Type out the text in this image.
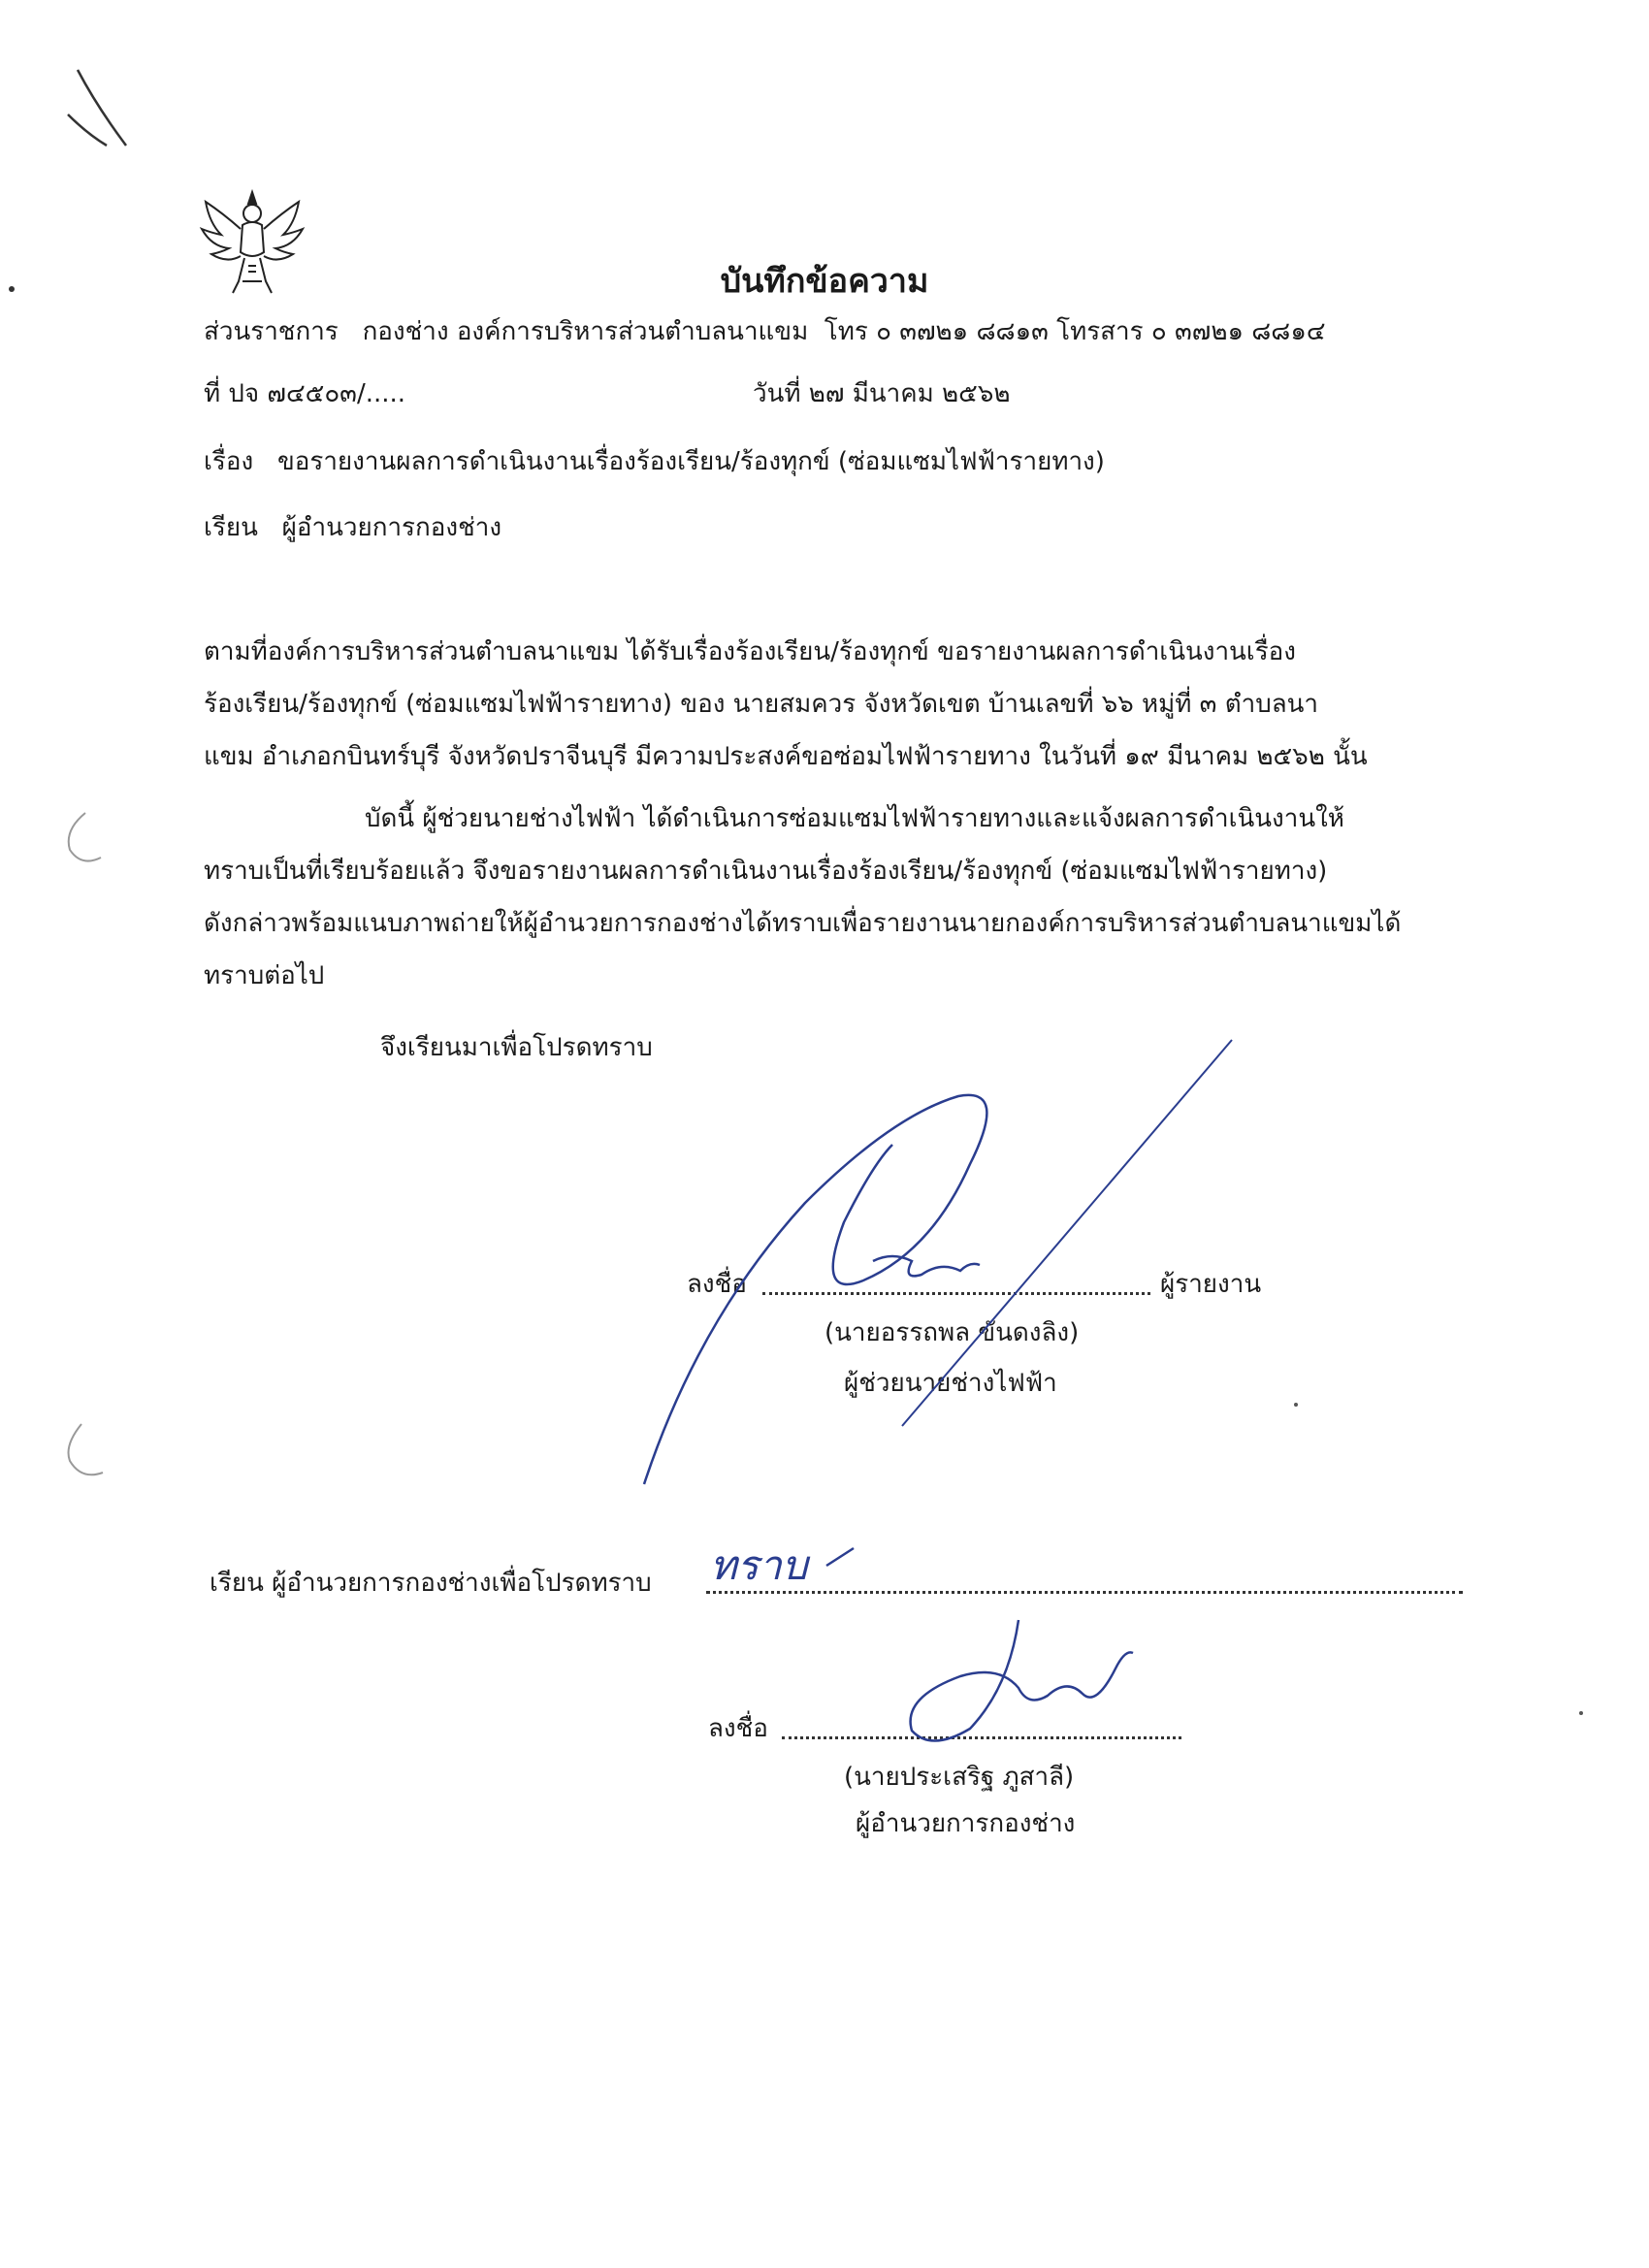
บันทึกข้อความ
ส่วนราชการ กองช่าง องค์การบริหารส่วนตำบลนาแขม โทร ๐ ๓๗๒๑ ๘๘๑๓ โทรสาร ๐ ๓๗๒๑ ๘๘๑๔
ที่ ปจ ๗๔๕๐๓/.....	วันที่ ๒๗ มีนาคม ๒๕๖๒
เรื่อง ขอรายงานผลการดำเนินงานเรื่องร้องเรียน/ร้องทุกข์ (ซ่อมแซมไฟฟ้ารายทาง)
เรียน ผู้อำนวยการกองช่าง
ตามที่องค์การบริหารส่วนตำบลนาแขม ได้รับเรื่องร้องเรียน/ร้องทุกข์ ขอรายงานผลการดำเนินงานเรื่อง
ร้องเรียน/ร้องทุกข์ (ซ่อมแซมไฟฟ้ารายทาง) ของ นายสมควร จังหวัดเขต บ้านเลขที่ ๖๖ หมู่ที่ ๓ ตำบลนา
แขม อำเภอกบินทร์บุรี จังหวัดปราจีนบุรี มีความประสงค์ขอซ่อมไฟฟ้ารายทาง ในวันที่ ๑๙ มีนาคม ๒๕๖๒ นั้น
บัดนี้ ผู้ช่วยนายช่างไฟฟ้า ได้ดำเนินการซ่อมแซมไฟฟ้ารายทางและแจ้งผลการดำเนินงานให้
ทราบเป็นที่เรียบร้อยแล้ว จึงขอรายงานผลการดำเนินงานเรื่องร้องเรียน/ร้องทุกข์ (ซ่อมแซมไฟฟ้ารายทาง)
ดังกล่าวพร้อมแนบภาพถ่ายให้ผู้อำนวยการกองช่างได้ทราบเพื่อรายงานนายกองค์การบริหารส่วนตำบลนาแขมได้
ทราบต่อไป
จึงเรียนมาเพื่อโปรดทราบ
ลงชื่อ	ผู้รายงาน
(นายอรรถพล ขันดงลิง)
ผู้ช่วยนายช่างไฟฟ้า
เรียน ผู้อำนวยการกองช่างเพื่อโปรดทราบ
ลงชื่อ
(นายประเสริฐ ภูสาลี)
ผู้อำนวยการกองช่าง
ทราบ
